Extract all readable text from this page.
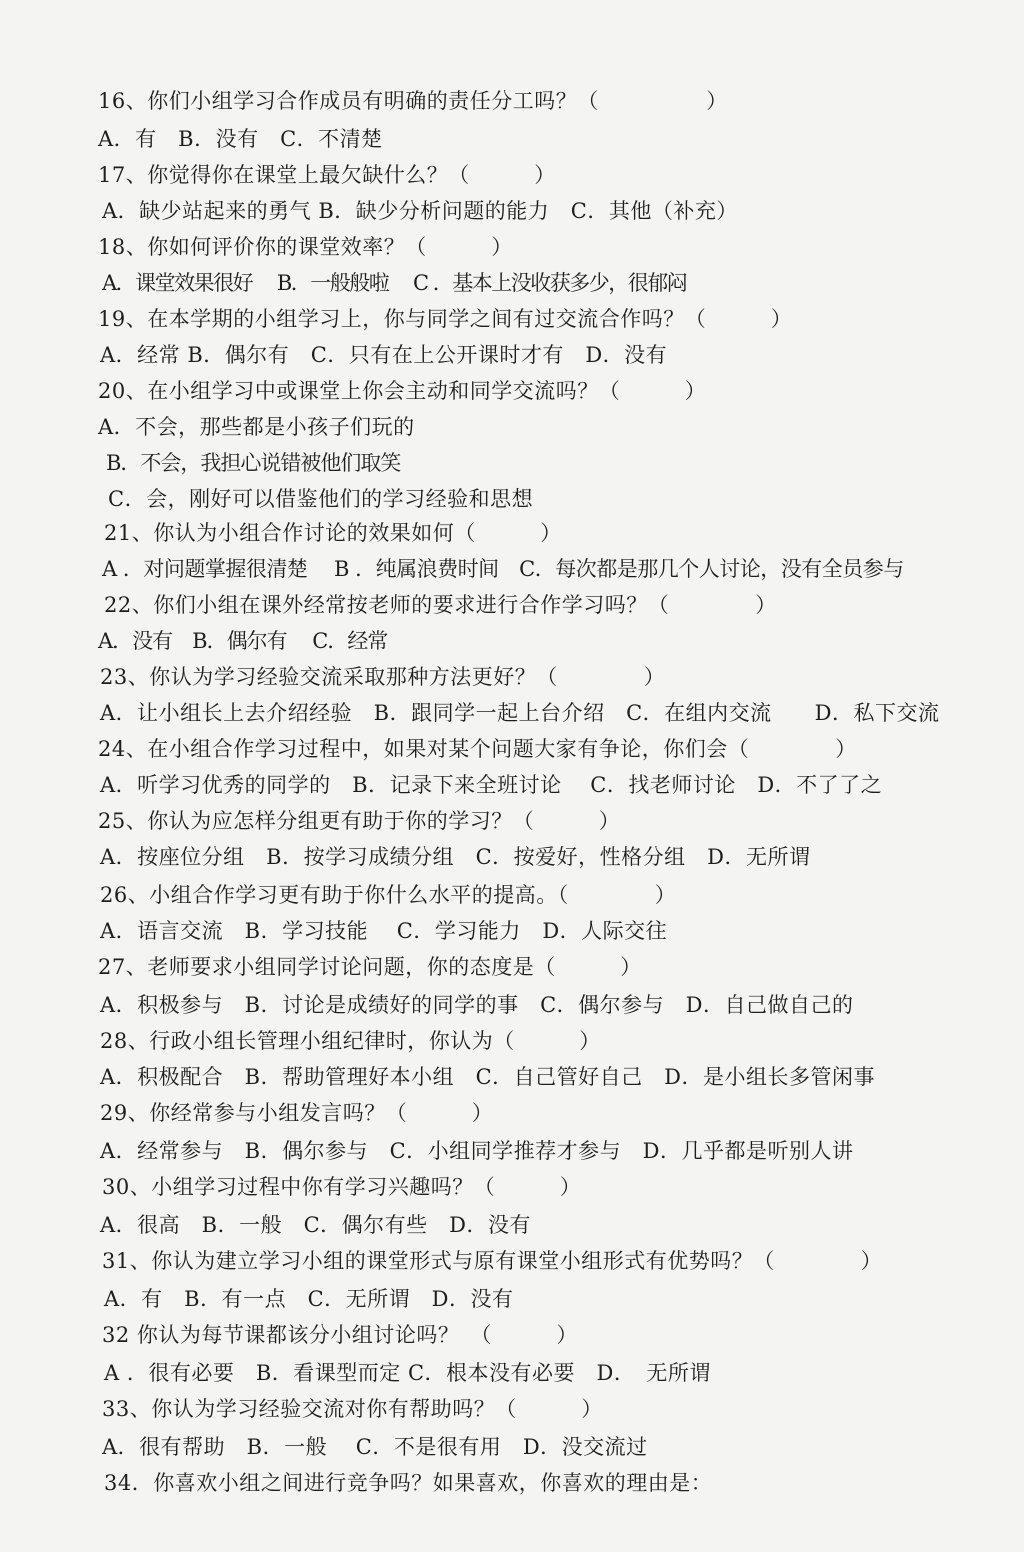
16、你们小组学习合作成员有明确的责任分工吗？（　　　　　）
A．有　B．没有　C．不清楚
17、你觉得你在课堂上最欠缺什么？（　　　）
A．缺少站起来的勇气 B．缺少分析问题的能力　C．其他（补充）
18、你如何评价你的课堂效率？（　　　）
A．课堂效果很好　 B．一般般啦　 C ．基本上没收获多少，很郁闷
19、在本学期的小组学习上，你与同学之间有过交流合作吗？（　　　）
A．经常 B．偶尔有　C．只有在上公开课时才有　D．没有
20、在小组学习中或课堂上你会主动和同学交流吗？（　　　）
A．不会，那些都是小孩子们玩的
B．不会，我担心说错被他们取笑
C．会，刚好可以借鉴他们的学习经验和思想
21、你认为小组合作讨论的效果如何（　　　）
A ．对问题掌握很清楚　 B ．纯属浪费时间　C．每次都是那几个人讨论，没有全员参与
22、你们小组在课外经常按老师的要求进行合作学习吗？（　　　　）
A．没有　B．偶尔有　 C．经常
23、你认为学习经验交流采取那种方法更好？（　　　　）
A．让小组长上去介绍经验　B．跟同学一起上台介绍　C．在组内交流　　D．私下交流
24、在小组合作学习过程中，如果对某个问题大家有争论，你们会（　　　　）
A．听学习优秀的同学的　B．记录下来全班讨论　 C．找老师讨论　D．不了了之
25、你认为应怎样分组更有助于你的学习？（　　　）
A．按座位分组　B．按学习成绩分组　C．按爱好，性格分组　D．无所谓
26、小组合作学习更有助于你什么水平的提高。（　　　　）
A．语言交流　B．学习技能　 C．学习能力　D．人际交往
27、老师要求小组同学讨论问题，你的态度是（　　　）
A．积极参与　B．讨论是成绩好的同学的事　C．偶尔参与　D．自己做自己的
28、行政小组长管理小组纪律时，你认为（　　　）
A．积极配合　B．帮助管理好本小组　C．自己管好自己　D．是小组长多管闲事
29、你经常参与小组发言吗？（　　　）
A．经常参与　B．偶尔参与　C．小组同学推荐才参与　D．几乎都是听别人讲
30、小组学习过程中你有学习兴趣吗？（　　　）
A．很高　B．一般　C．偶尔有些　D．没有
31、你认为建立学习小组的课堂形式与原有课堂小组形式有优势吗？（　　　　）
A．有　B．有一点　C．无所谓　D．没有
32 你认为每节课都该分小组讨论吗？　（　　　）
A ．很有必要　B．看课型而定 C．根本没有必要　D．　无所谓
33、你认为学习经验交流对你有帮助吗？（　　　）
A．很有帮助　B．一般　 C．不是很有用　D．没交流过
34．你喜欢小组之间进行竞争吗？如果喜欢，你喜欢的理由是：
